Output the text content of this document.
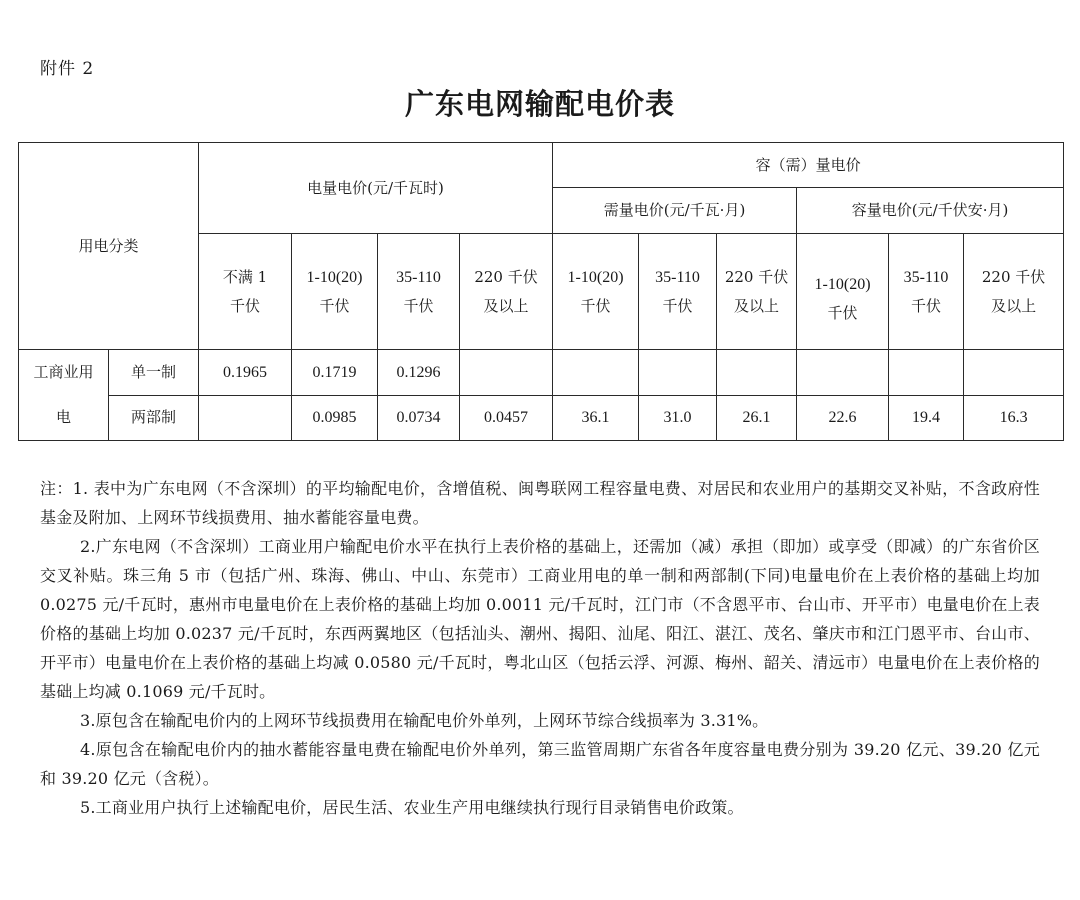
附件 2
广东电网输配电价表
用电分类		电量电价(元/千瓦时)				容（需）量电价					
						需量电价(元/千瓦·月)			容量电价(元/千伏安·月)		
		不满 1
千伏	1-10(20)
千伏	35-110
千伏	220 千伏
及以上	1-10(20)
千伏	35-110
千伏	220 千伏
及以上	1-10(20)
千伏	35-110
千伏	220 千伏
及以上
工商业用
电	单一制	0.1965	0.1719	0.1296							
	两部制		0.0985	0.0734	0.0457	36.1	31.0	26.1	22.6	19.4	16.3

注：1. 表中为广东电网（不含深圳）的平均输配电价，含增值税、闽粤联网工程容量电费、对居民和农业用户的基期交叉补贴，不含政府性基金及附加、上网环节线损费用、抽水蓄能容量电费。

2.广东电网（不含深圳）工商业用户输配电价水平在执行上表价格的基础上，还需加（减）承担（即加）或享受（即减）的广东省价区交叉补贴。珠三角 5 市（包括广州、珠海、佛山、中山、东莞市）工商业用电的单一制和两部制(下同)电量电价在上表价格的基础上均加 0.0275 元/千瓦时，惠州市电量电价在上表价格的基础上均加 0.0011 元/千瓦时，江门市（不含恩平市、台山市、开平市）电量电价在上表价格的基础上均加 0.0237 元/千瓦时，东西两翼地区（包括汕头、潮州、揭阳、汕尾、阳江、湛江、茂名、肇庆市和江门恩平市、台山市、开平市）电量电价在上表价格的基础上均减 0.0580 元/千瓦时，粤北山区（包括云浮、河源、梅州、韶关、清远市）电量电价在上表价格的基础上均减 0.1069 元/千瓦时。

3.原包含在输配电价内的上网环节线损费用在输配电价外单列，上网环节综合线损率为 3.31%。

4.原包含在输配电价内的抽水蓄能容量电费在输配电价外单列，第三监管周期广东省各年度容量电费分别为 39.20 亿元、39.20 亿元和 39.20 亿元（含税）。

5.工商业用户执行上述输配电价，居民生活、农业生产用电继续执行现行目录销售电价政策。
